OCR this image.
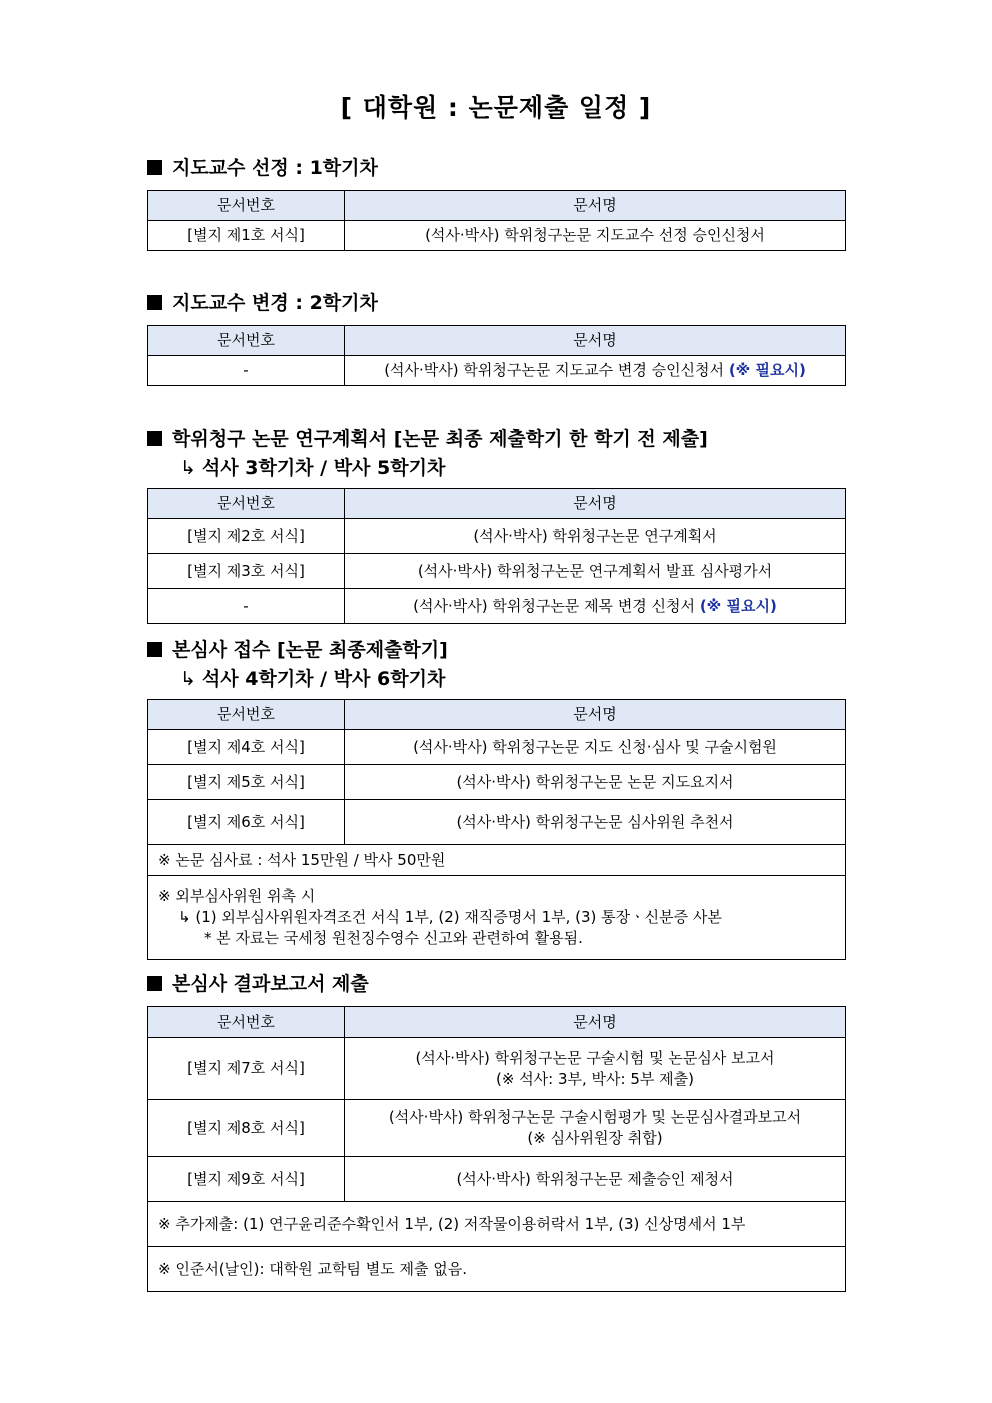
[ 대학원 : 논문제출 일정 ]
지도교수 선정 : 1학기차
문서번호	문서명
[별지 제1호 서식]	(석사·박사) 학위청구논문 지도교수 선정 승인신청서
지도교수 변경 : 2학기차
문서번호	문서명
-	(석사·박사) 학위청구논문 지도교수 변경 승인신청서 (※ 필요시)
학위청구 논문 연구계획서 [논문 최종 제출학기 한 학기 전 제출]
↳ 석사 3학기차 / 박사 5학기차
문서번호	문서명
[별지 제2호 서식]	(석사·박사) 학위청구논문 연구계획서
[별지 제3호 서식]	(석사·박사) 학위청구논문 연구계획서 발표 심사평가서
-	(석사·박사) 학위청구논문 제목 변경 신청서 (※ 필요시)
본심사 접수 [논문 최종제출학기]
↳ 석사 4학기차 / 박사 6학기차
문서번호	문서명
[별지 제4호 서식]	(석사·박사) 학위청구논문 지도 신청·심사 및 구술시험원
[별지 제5호 서식]	(석사·박사) 학위청구논문 논문 지도요지서
[별지 제6호 서식]	(석사·박사) 학위청구논문 심사위원 추천서
※ 논문 심사료 : 석사 15만원 / 박사 50만원	

※ 외부심사위원 위촉 시
↳ (1) 외부심사위원자격조건 서식 1부, (2) 재직증명서 1부, (3) 통장ㆍ신분증 사본
* 본 자료는 국세청 원천징수영수 신고와 관련하여 활용됨.	
본심사 결과보고서 제출
문서번호	문서명
[별지 제7호 서식]	(석사·박사) 학위청구논문 구술시험 및 논문심사 보고서
(※ 석사: 3부, 박사: 5부 제출)

[별지 제8호 서식]	(석사·박사) 학위청구논문 구술시험평가 및 논문심사결과보고서
(※ 심사위원장 취합)

[별지 제9호 서식]	(석사·박사) 학위청구논문 제출승인 제청서
※ 추가제출: (1) 연구윤리준수확인서 1부, (2) 저작물이용허락서 1부, (3) 신상명세서 1부	
※ 인준서(날인): 대학원 교학팀 별도 제출 없음.	
